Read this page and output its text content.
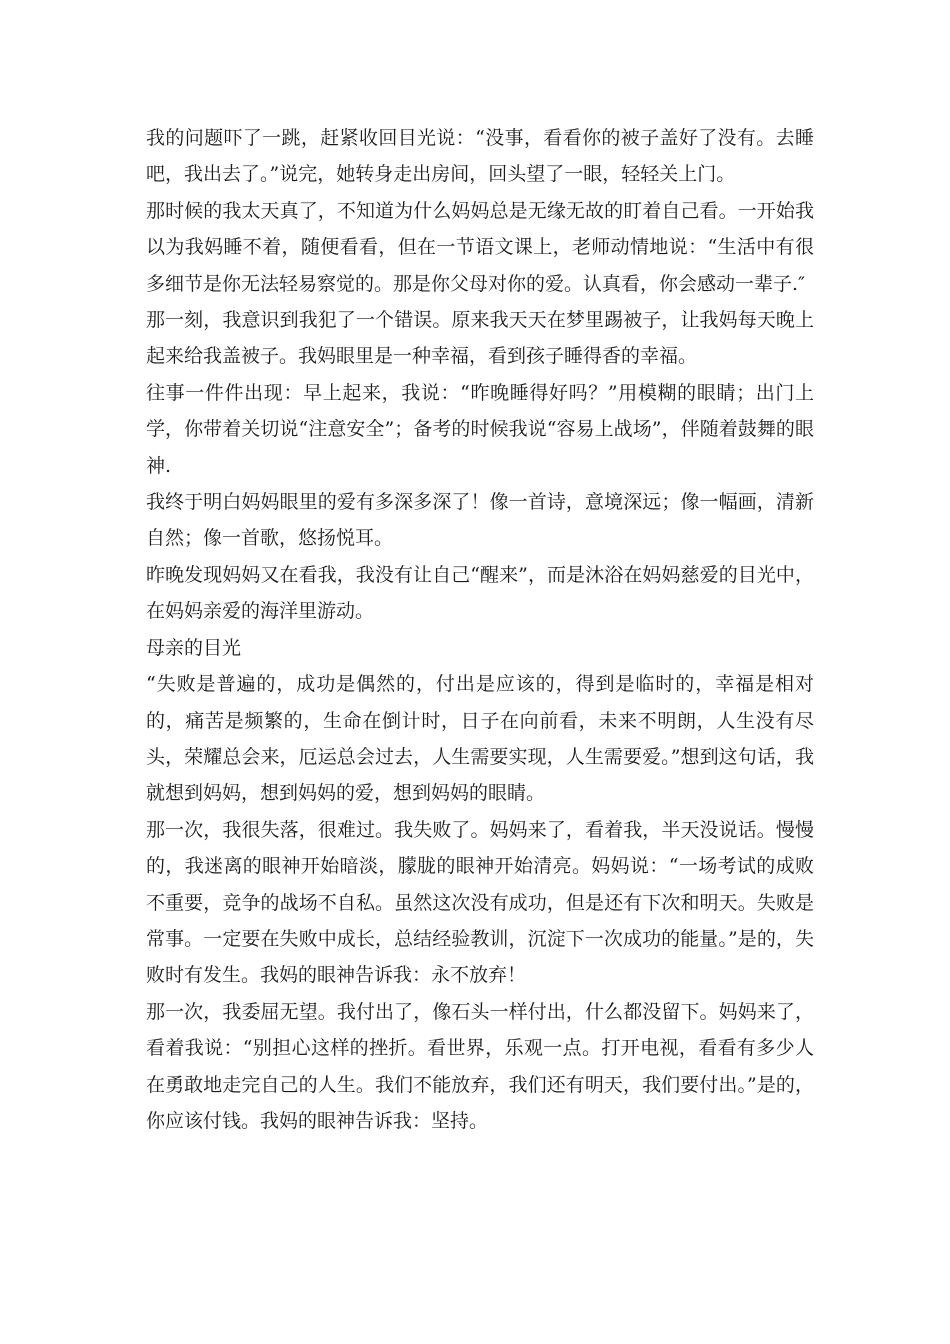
我的问题吓了一跳，赶紧收回目光说：“没事，看看你的被子盖好了没有。去睡吧，我出去了。”说完，她转身走出房间，回头望了一眼，轻轻关上门。

那时候的我太天真了，不知道为什么妈妈总是无缘无故的盯着自己看。一开始我以为我妈睡不着，随便看看，但在一节语文课上，老师动情地说：“生活中有很多细节是你无法轻易察觉的。那是你父母对你的爱。认真看，你会感动一辈子.″

那一刻，我意识到我犯了一个错误。原来我天天在梦里踢被子，让我妈每天晚上起来给我盖被子。我妈眼里是一种幸福，看到孩子睡得香的幸福。

往事一件件出现：早上起来，我说：“昨晚睡得好吗？”用模糊的眼睛；出门上学，你带着关切说“注意安全”；备考的时候我说“容易上战场”，伴随着鼓舞的眼神.

我终于明白妈妈眼里的爱有多深多深了！像一首诗，意境深远；像一幅画，清新自然；像一首歌，悠扬悦耳。

昨晚发现妈妈又在看我，我没有让自己“醒来”，而是沐浴在妈妈慈爱的目光中，在妈妈亲爱的海洋里游动。

母亲的目光

“失败是普遍的，成功是偶然的，付出是应该的，得到是临时的，幸福是相对的，痛苦是频繁的，生命在倒计时，日子在向前看，未来不明朗，人生没有尽头，荣耀总会来，厄运总会过去，人生需要实现，人生需要爱。”想到这句话，我就想到妈妈，想到妈妈的爱，想到妈妈的眼睛。

那一次，我很失落，很难过。我失败了。妈妈来了，看着我，半天没说话。慢慢的，我迷离的眼神开始暗淡，朦胧的眼神开始清亮。妈妈说：“一场考试的成败不重要，竞争的战场不自私。虽然这次没有成功，但是还有下次和明天。失败是常事。一定要在失败中成长，总结经验教训，沉淀下一次成功的能量。”是的，失败时有发生。我妈的眼神告诉我：永不放弃！

那一次，我委屈无望。我付出了，像石头一样付出，什么都没留下。妈妈来了，看着我说：“别担心这样的挫折。看世界，乐观一点。打开电视，看看有多少人在勇敢地走完自己的人生。我们不能放弃，我们还有明天，我们要付出。”是的，你应该付钱。我妈的眼神告诉我：坚持。
